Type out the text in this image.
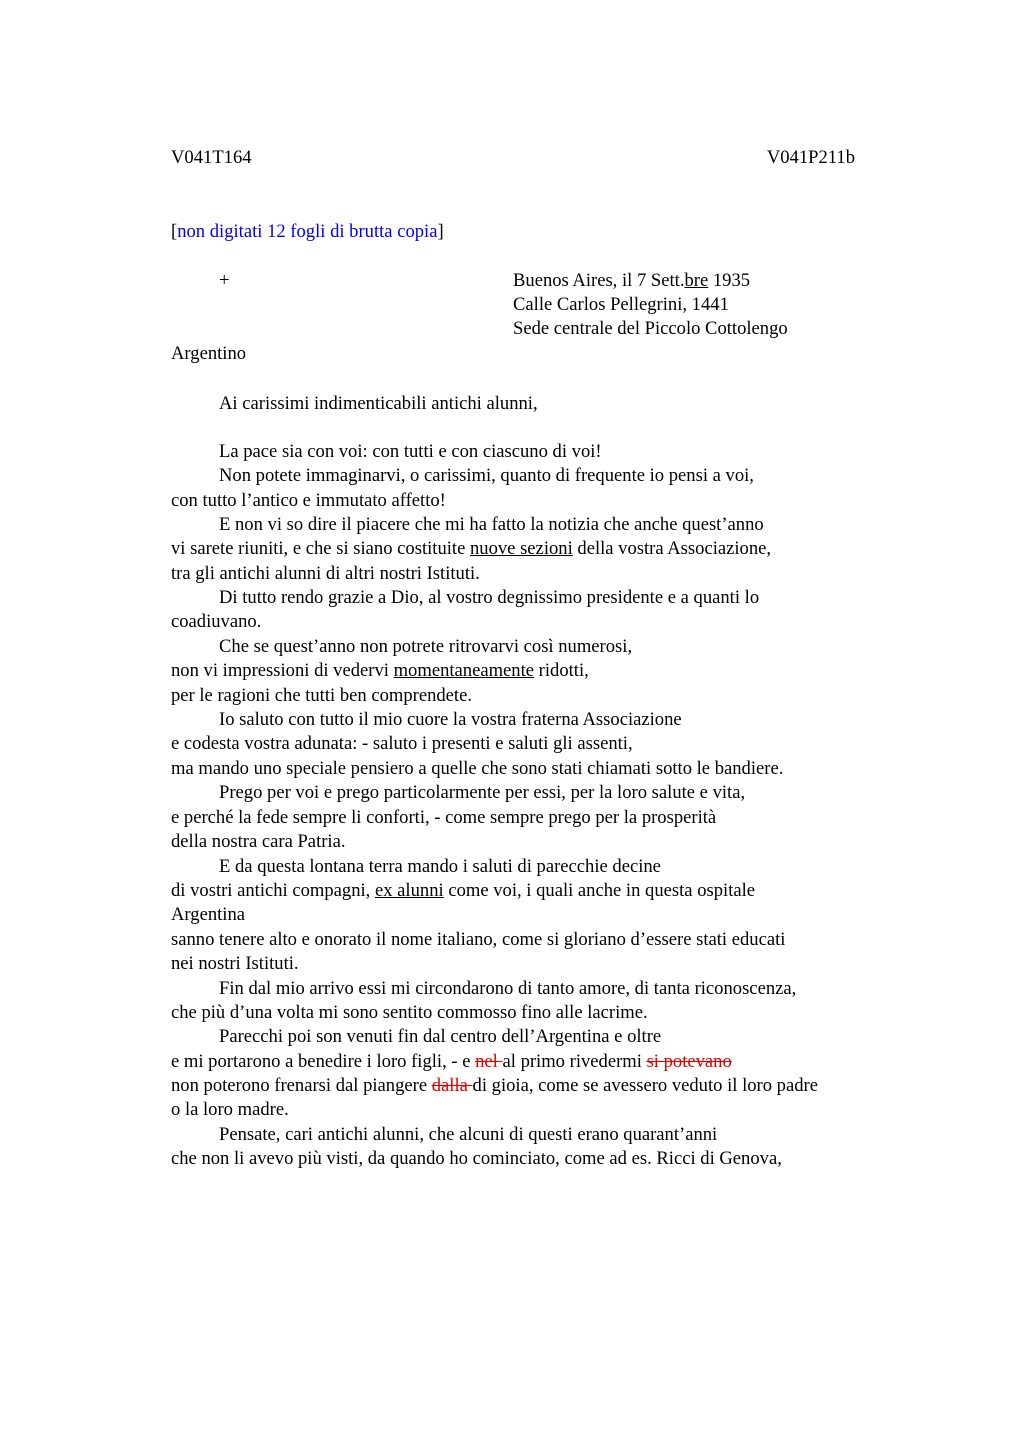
V041T164	V041P211b
[non digitati 12 fogli di brutta copia]
+	Buenos Aires, il 7 Sett.bre 1935
Calle Carlos Pellegrini, 1441
Sede centrale del Piccolo Cottolengo
Argentino
Ai carissimi indimenticabili antichi alunni,
La pace sia con voi: con tutti e con ciascuno di voi!
Non potete immaginarvi, o carissimi, quanto di frequente io pensi a voi,
con tutto l’antico e immutato affetto!
E non vi so dire il piacere che mi ha fatto la notizia che anche quest’anno
vi sarete riuniti, e che si siano costituite nuove sezioni della vostra Associazione,
tra gli antichi alunni di altri nostri Istituti.
Di tutto rendo grazie a Dio, al vostro degnissimo presidente e a quanti lo
coadiuvano.
Che se quest’anno non potrete ritrovarvi così numerosi,
non vi impressioni di vedervi momentaneamente ridotti,
per le ragioni che tutti ben comprendete.
Io saluto con tutto il mio cuore la vostra fraterna Associazione
e codesta vostra adunata: - saluto i presenti e saluti gli assenti,
ma mando uno speciale pensiero a quelle che sono stati chiamati sotto le bandiere.
Prego per voi e prego particolarmente per essi, per la loro salute e vita,
e perché la fede sempre li conforti, - come sempre prego per la prosperità
della nostra cara Patria.
E da questa lontana terra mando i saluti di parecchie decine
di vostri antichi compagni, ex alunni come voi, i quali anche in questa ospitale
Argentina
sanno tenere alto e onorato il nome italiano, come si gloriano d’essere stati educati
nei nostri Istituti.
Fin dal mio arrivo essi mi circondarono di tanto amore, di tanta riconoscenza,
che più d’una volta mi sono sentito commosso fino alle lacrime.
Parecchi poi son venuti fin dal centro dell’Argentina e oltre
e mi portarono a benedire i loro figli, - e nel al primo rivedermi si potevano
non poterono frenarsi dal piangere dalla di gioia, come se avessero veduto il loro padre
o la loro madre.
Pensate, cari antichi alunni, che alcuni di questi erano quarant’anni
che non li avevo più visti, da quando ho cominciato, come ad es. Ricci di Genova,
